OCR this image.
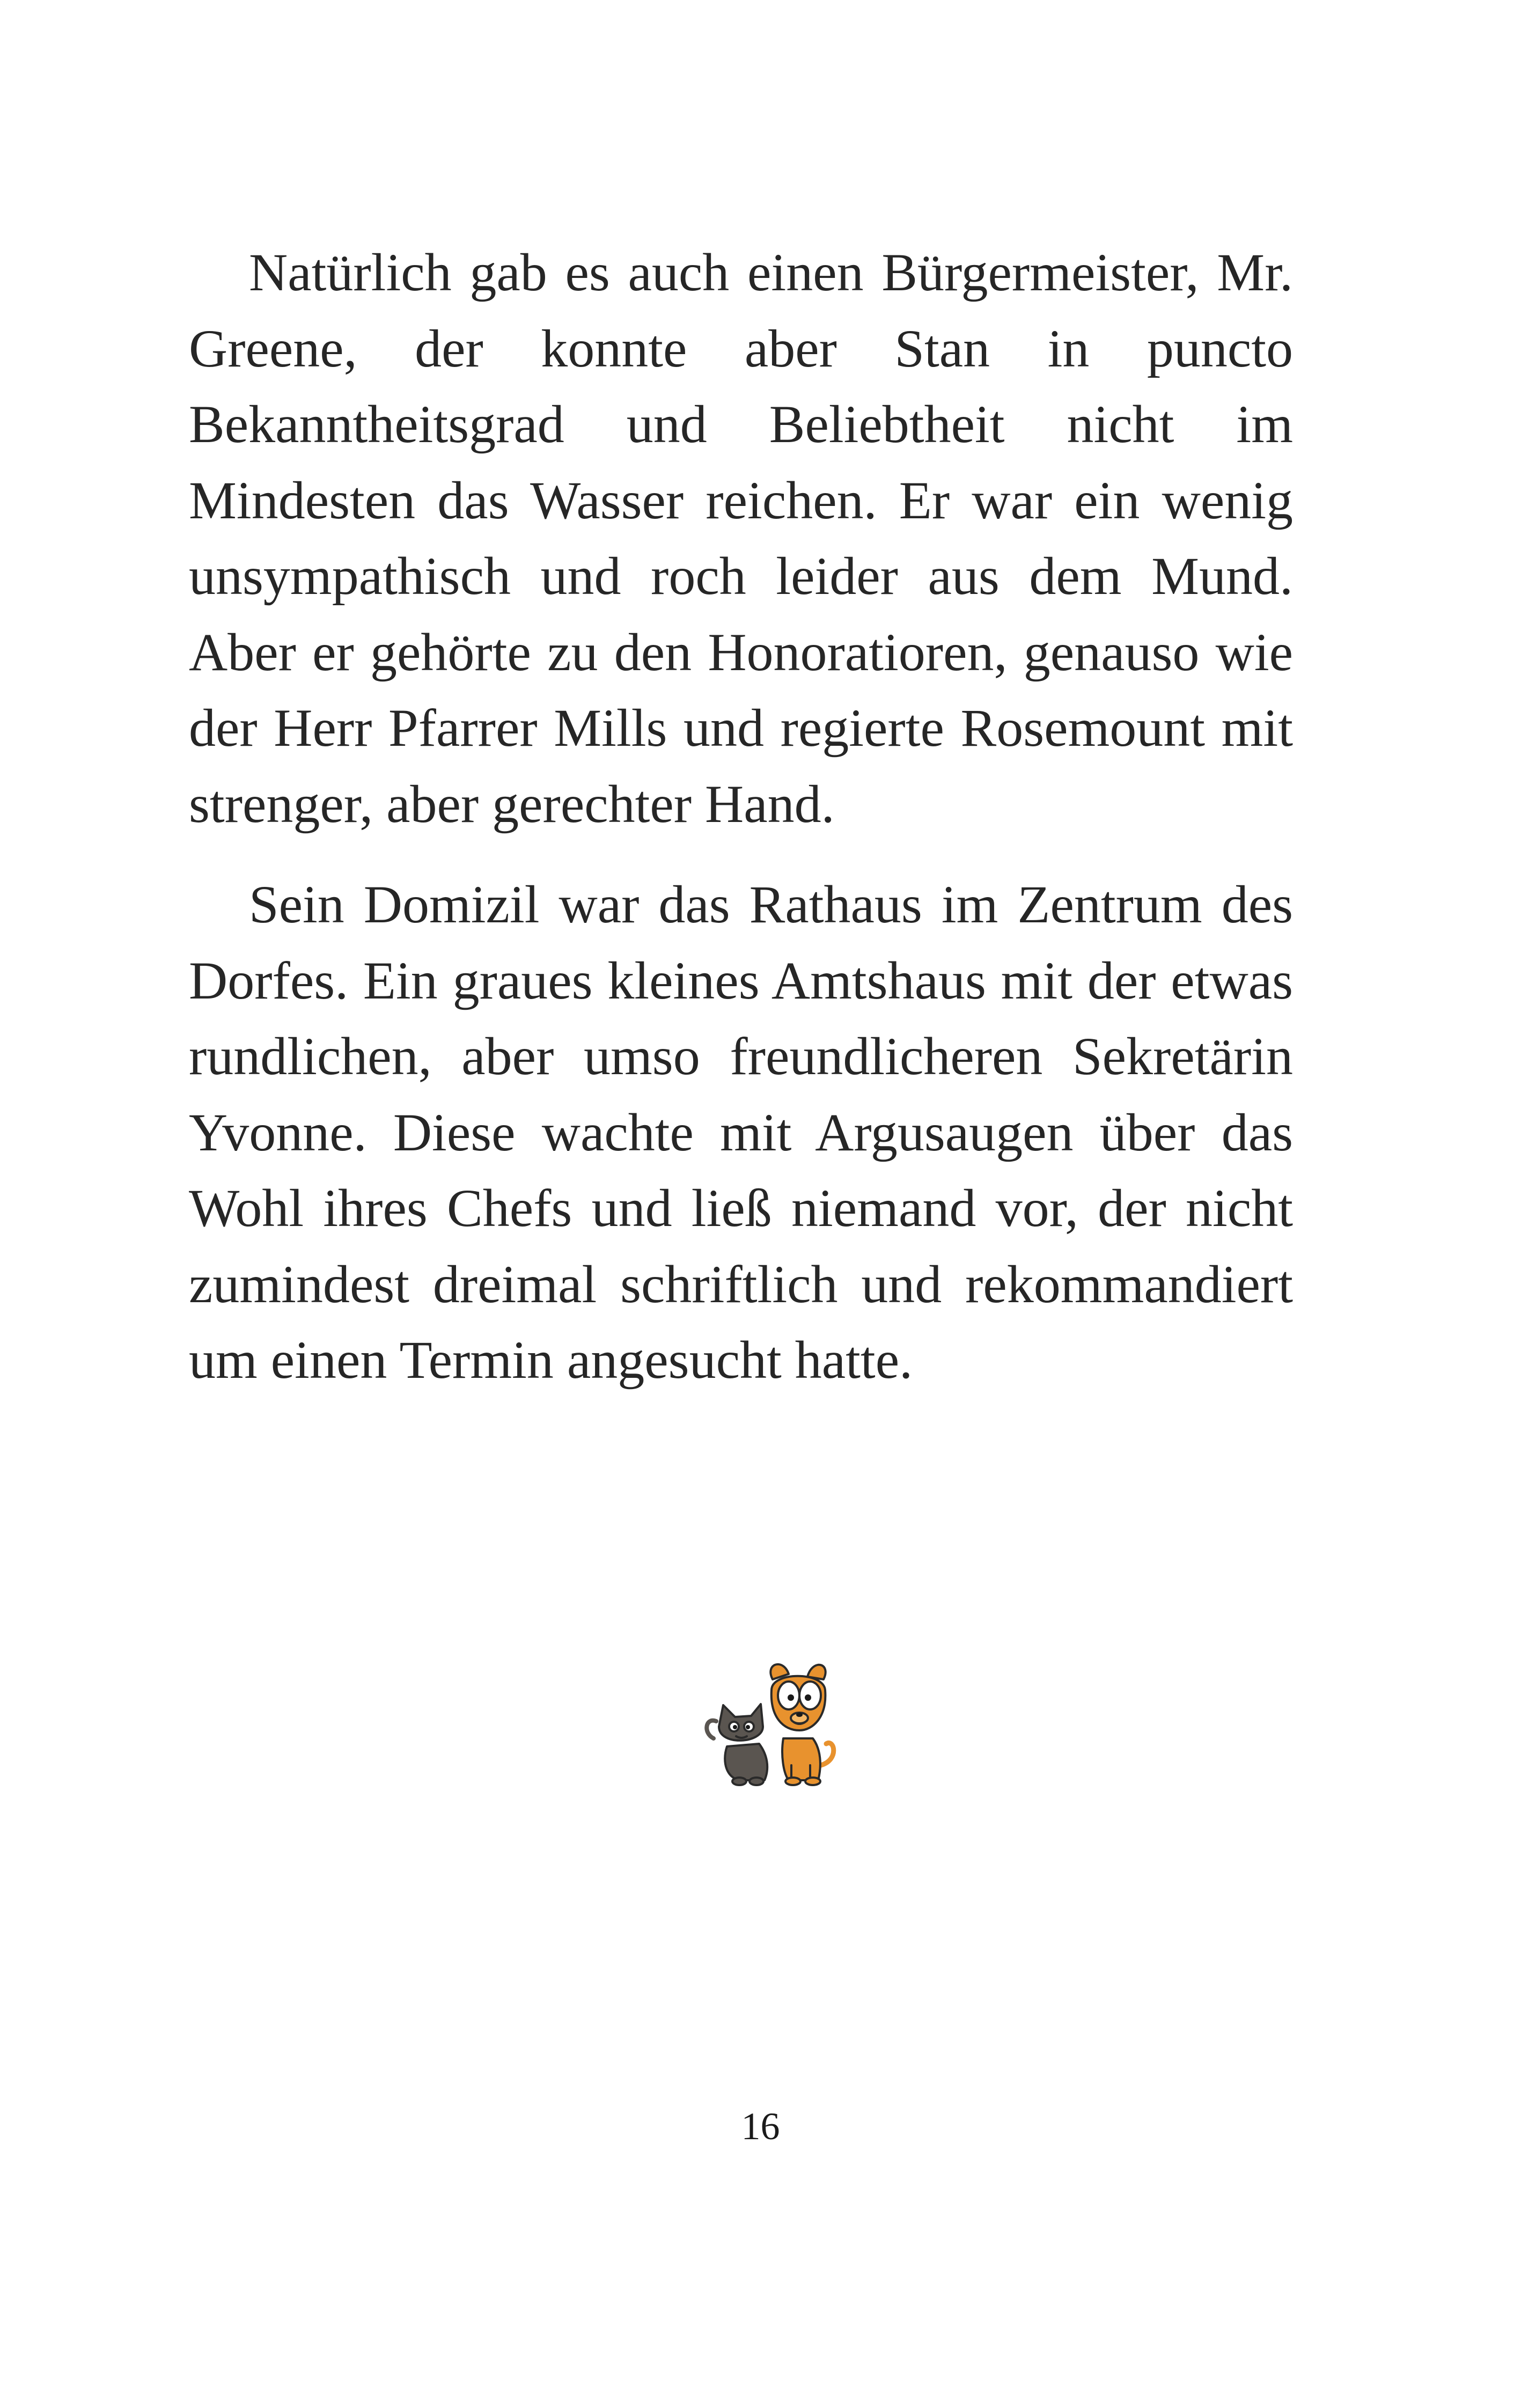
Natürlich gab es auch einen Bürgermeister, Mr. Greene, der konnte aber Stan in puncto Bekanntheitsgrad und Beliebtheit nicht im Mindesten das Wasser reichen. Er war ein wenig unsympathisch und roch leider aus dem Mund. Aber er gehörte zu den Honoratioren, genauso wie der Herr Pfarrer Mills und regierte Rosemount mit strenger, aber gerechter Hand.

Sein Domizil war das Rathaus im Zentrum des Dorfes. Ein graues kleines Amtshaus mit der etwas rundlichen, aber umso freundlicheren Sekretärin Yvonne. Diese wachte mit Argusaugen über das Wohl ihres Chefs und ließ niemand vor, der nicht zumindest dreimal schriftlich und rekommandiert um einen Termin angesucht hatte.

16
